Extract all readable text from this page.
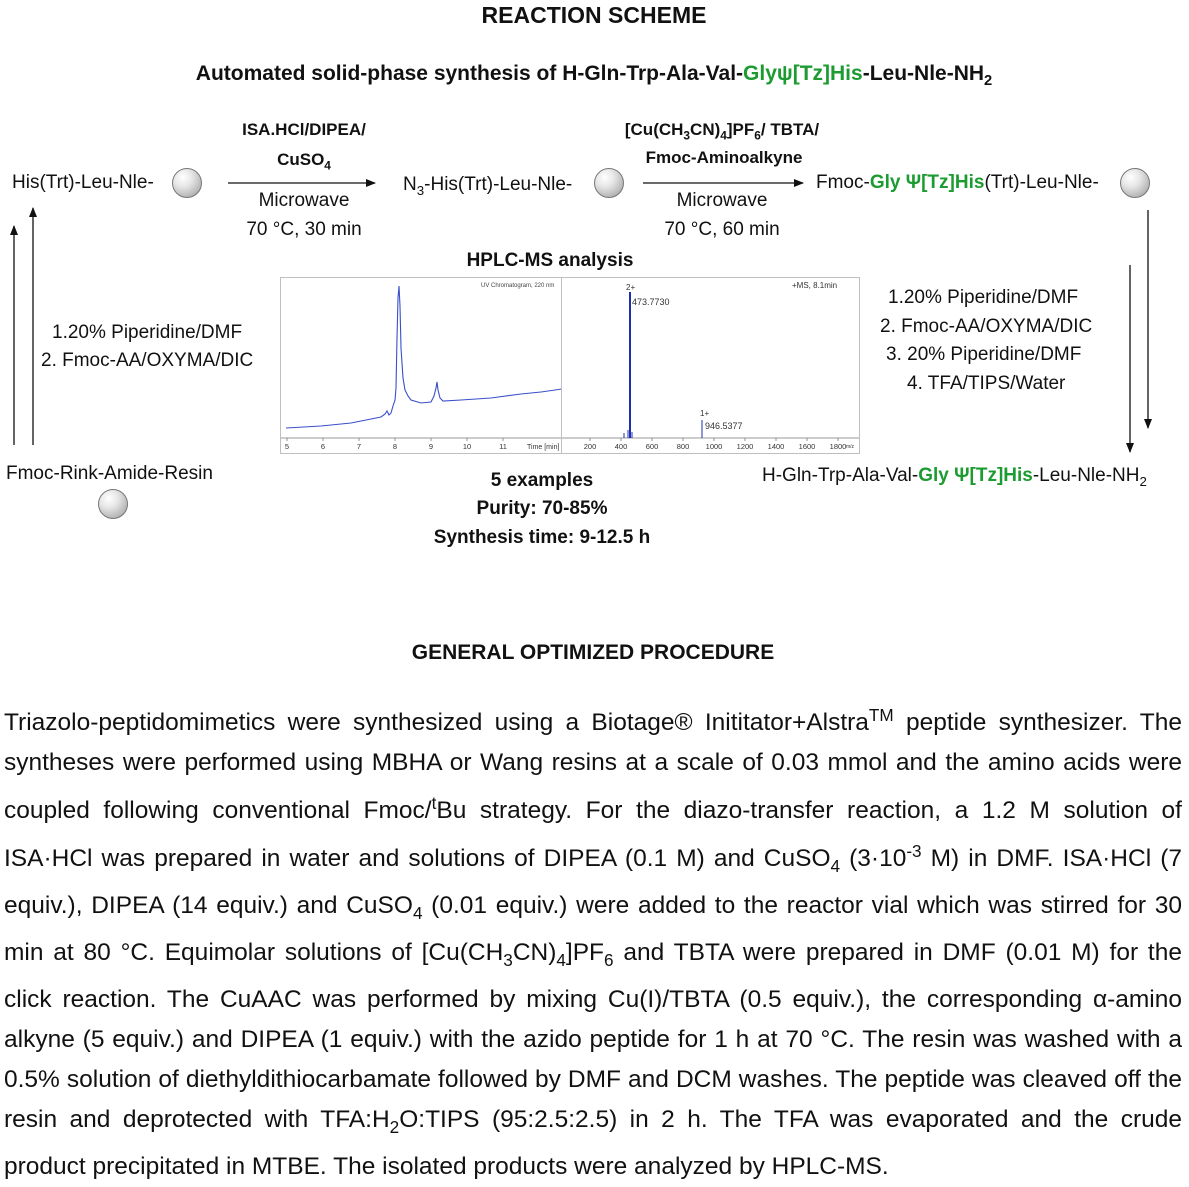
REACTION SCHEME
Automated solid-phase synthesis of $H-Gln-Trp-Ala-Val-Gly\psi[Tz]His-Leu-Nle-NH_2$
His(Trt)-Leu-Nle-
ISA.HCl/DIPEA/
CuSO$_4$
Microwave
70 °C, 30 min
$N_3-His(Trt)-Leu-Nle-$
$[Cu(CH_3CN)_4]PF_6/$ TBTA/
Fmoc-Aminoalkyne
Microwave
70 °C, 60 min
Fmoc-Gly Ψ[Tz]His(Trt)-Leu-Nle-
1.20% Piperidine/DMF
2. Fmoc-AA/OXYMA/DIC
1.20% Piperidine/DMF
2. Fmoc-AA/OXYMA/DIC
3. 20% Piperidine/DMF
4. TFA/TIPS/Water
HPLC-MS analysis
UV Chromatogram, 220 nm
5	6	7	8	9	10	11	Time [min]
+MS, 8.1min
2+
473.7730
1+
946.5377
200 400 600 800 1000 1200 1400 1600 1800 m/z
Fmoc-Rink-Amide-Resin	5 examples
Purity: 70-85%
Synthesis time: 9-12.5 h
H-Gln-Trp-Ala-Val-Gly $\Psi[Tz]His-Leu-Nle-NH_2$
GENERAL OPTIMIZED PROCEDURE
Triazolo-peptidomimetics were synthesized using a Biotage® Inititator+Alstra™ peptide synthesizer. The syntheses were performed using MBHA or Wang resins at a scale of 0.03 mmol and the amino acids were coupled following conventional Fmoc/$^t$Bu strategy. For the diazo-transfer reaction, a 1.2 M solution of ISA·HCl was prepared in water and solutions of DIPEA (0.1 M) and CuSO$_4$ ($3\cdot 10^{-3}$ M) in DMF. ISA·HCl (7 equiv.), DIPEA (14 equiv.) and CuSO$_4$ (0.01 equiv.) were added to the reactor vial which was stirred for 30 min at 80 °C. Equimolar solutions of $[Cu(CH_3CN)_4]PF_6$ and TBTA were prepared in DMF (0.01 M) for the click reaction. The CuAAC was performed by mixing Cu(I)/TBTA (0.5 equiv.), the corresponding α-amino alkyne (5 equiv.) and DIPEA (1 equiv.) with the azido peptide for 1 h at 70 °C. The resin was washed with a 0.5% solution of diethyldithiocarbamate followed by DMF and DCM washes. The peptide was cleaved off the resin and deprotected with $TFA:H_2O:TIPS$ (95:2.5:2.5) in 2 h. The TFA was evaporated and the crude product precipitated in MTBE. The isolated products were analyzed by HPLC-MS.
